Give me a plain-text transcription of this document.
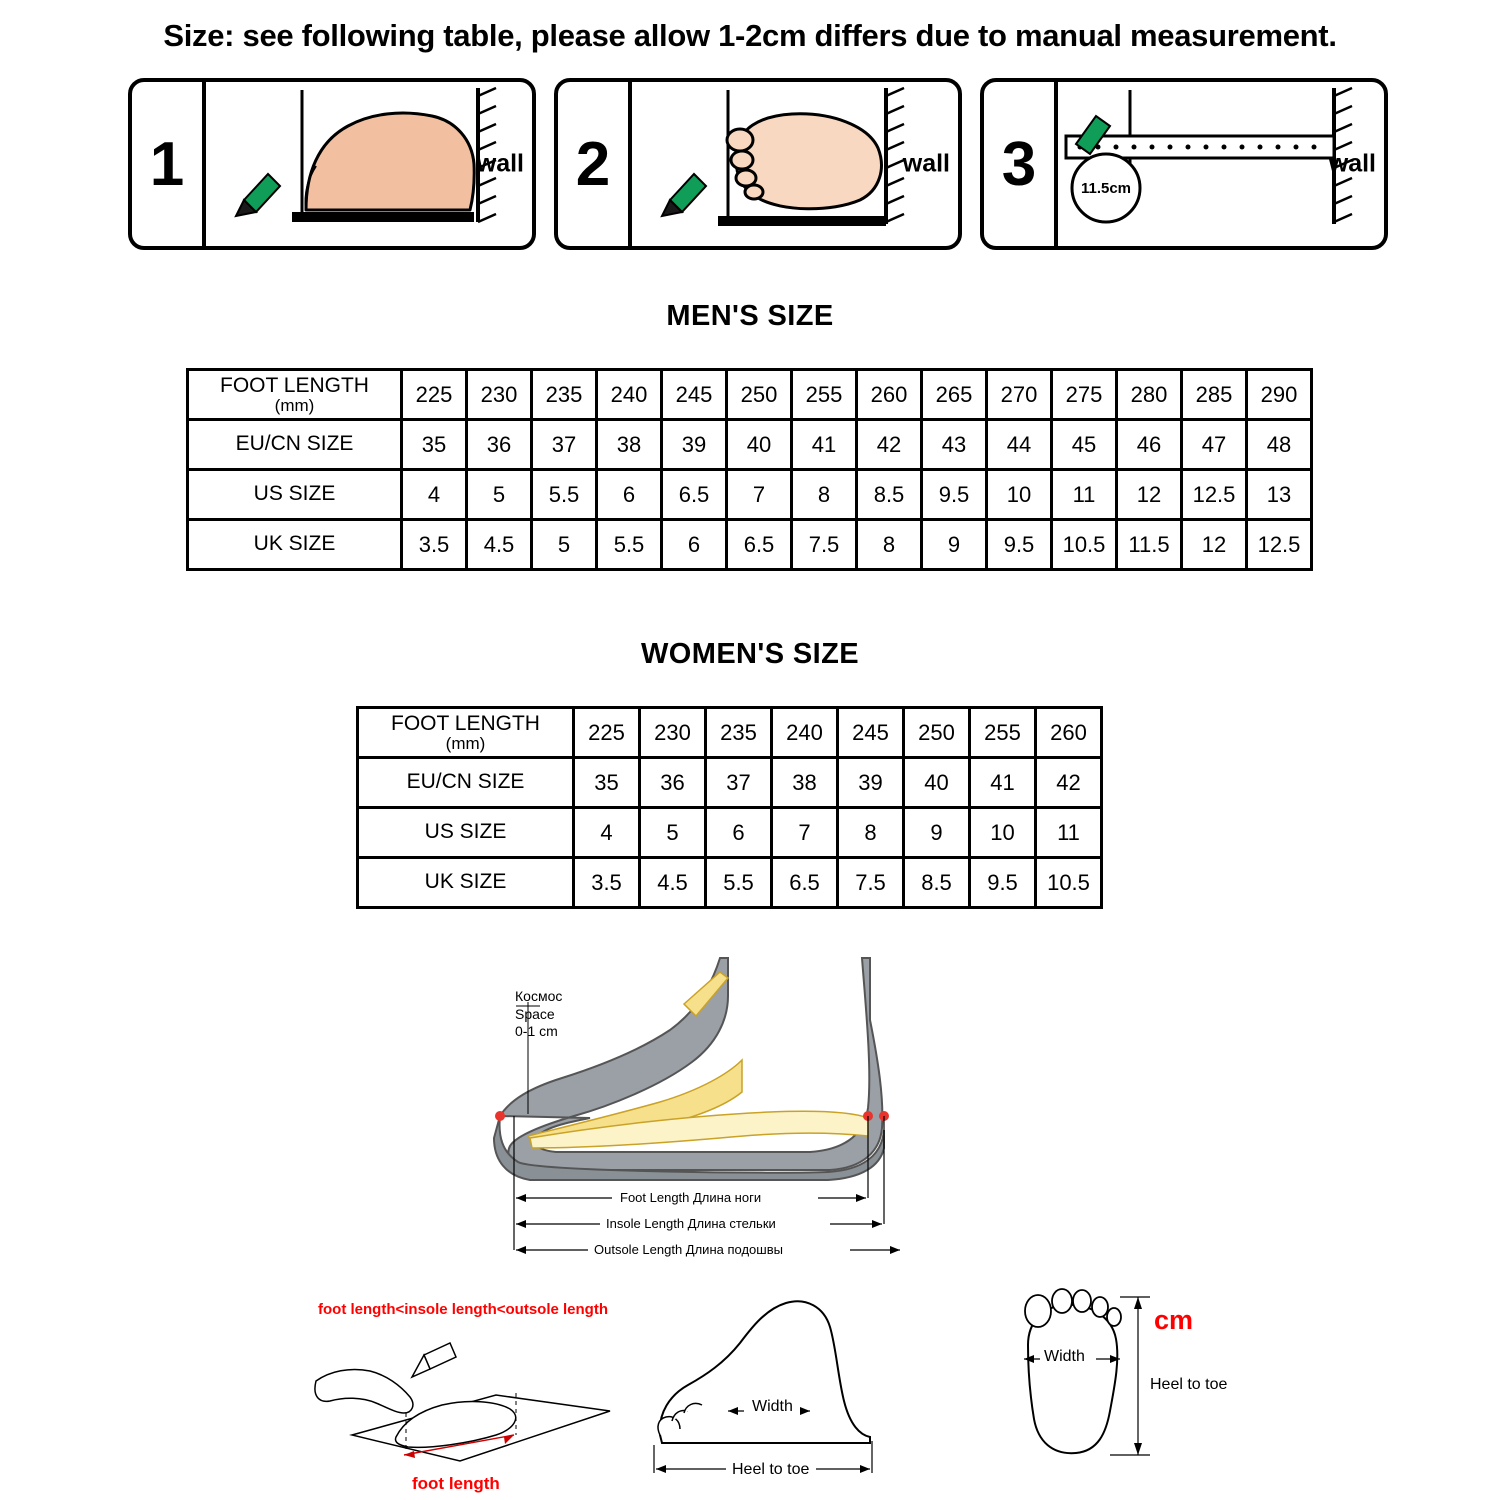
Size: see following table, please allow 1-2cm differs due to manual measurement.
1	wall 2	wall 3	11.5cm
wall
MEN'S SIZE
FOOT LENGTH
(mm)	225	230	235	240	245	250	255	260	265	270	275	280	285	290
EU/CN SIZE	35	36	37	38	39	40	41	42	43	44	45	46	47	48
US SIZE	4	5	5.5	6	6.5	7	8	8.5	9.5	10	11	12	12.5	13
UK SIZE	3.5	4.5	5	5.5	6	6.5	7.5	8	9	9.5	10.5	11.5	12	12.5
WOMEN'S SIZE
FOOT LENGTH
(mm)	225	230	235	240	245	250	255	260
EU/CN SIZE	35	36	37	38	39	40	41	42
US SIZE	4	5	6	7	8	9	10	11
UK SIZE	3.5	4.5	5.5	6.5	7.5	8.5	9.5	10.5
Космос
Space
0-1 cm
Foot Length Длина ноги
Insole Length Длина стельки
Outsole Length Длина подошвы
foot length<insole length<outsole length
foot length
Width
Heel to toe
Width
cm
Heel to toe
